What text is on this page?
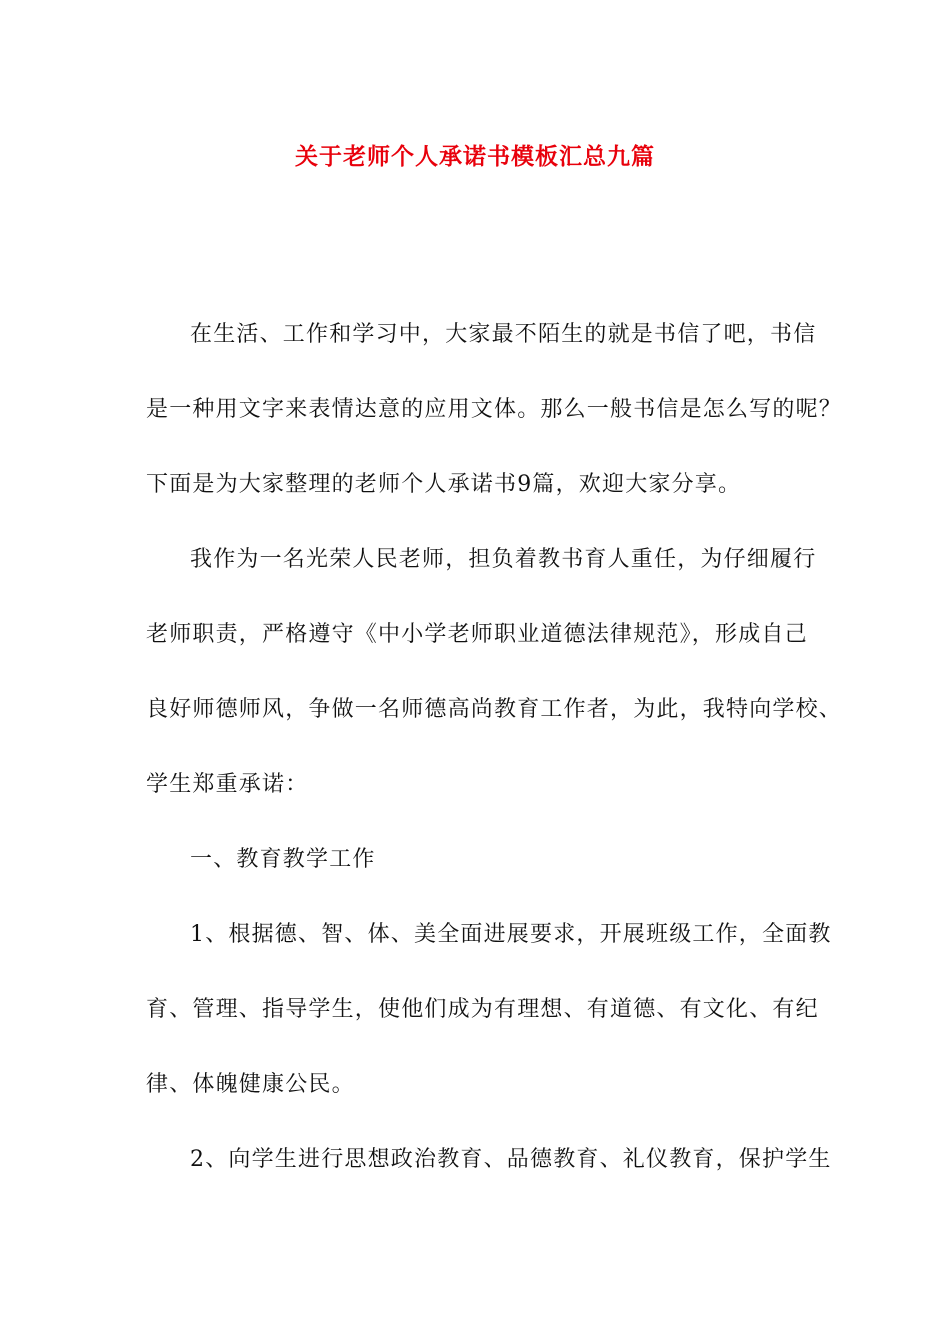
关于老师个人承诺书模板汇总九篇
在生活、工作和学习中，大家最不陌生的就是书信了吧，书信
是一种用文字来表情达意的应用文体。那么一般书信是怎么写的呢？
下面是为大家整理的老师个人承诺书9篇，欢迎大家分享。
我作为一名光荣人民老师，担负着教书育人重任，为仔细履行
老师职责，严格遵守《中小学老师职业道德法律规范》，形成自己
良好师德师风，争做一名师德高尚教育工作者，为此，我特向学校、
学生郑重承诺：
一、教育教学工作
1、根据德、智、体、美全面进展要求，开展班级工作，全面教
育、管理、指导学生，使他们成为有理想、有道德、有文化、有纪
律、体魄健康公民。
2、向学生进行思想政治教育、品德教育、礼仪教育，保护学生
